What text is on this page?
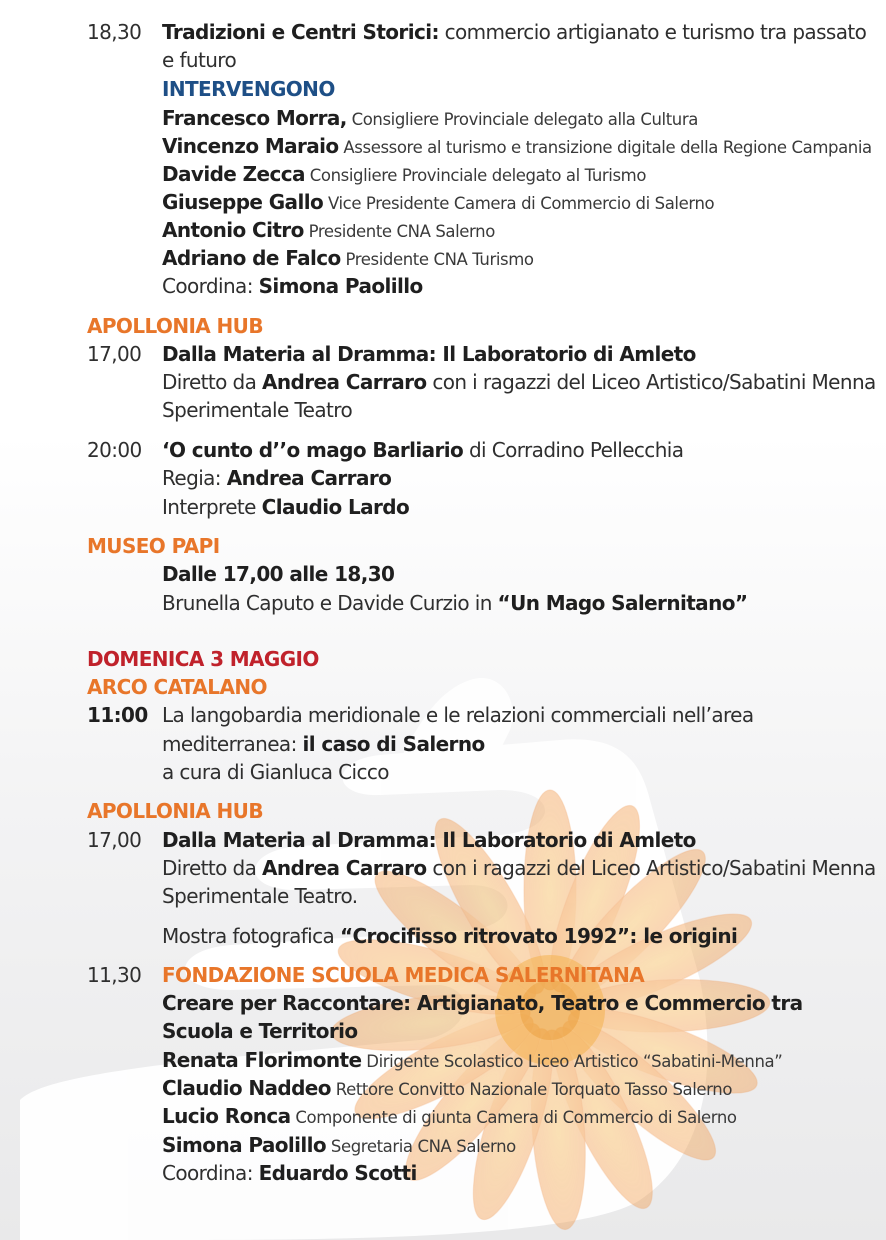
18,30 Tradizioni e Centri Storici: commercio artigianato e turismo tra passato
e futuro
INTERVENGONO
Francesco Morra, Consigliere Provinciale delegato alla Cultura
Vincenzo Maraio Assessore al turismo e transizione digitale della Regione Campania
Davide Zecca Consigliere Provinciale delegato al Turismo
Giuseppe Gallo Vice Presidente Camera di Commercio di Salerno
Antonio Citro Presidente CNA Salerno
Adriano de Falco Presidente CNA Turismo
Coordina: Simona Paolillo
APOLLONIA HUB
17,00 Dalla Materia al Dramma: Il Laboratorio di Amleto
Diretto da Andrea Carraro con i ragazzi del Liceo Artistico/Sabatini Menna
Sperimentale Teatro
20:00 ‘O cunto d’’o mago Barliario di Corradino Pellecchia
Regia: Andrea Carraro
Interprete Claudio Lardo
MUSEO PAPI
Dalle 17,00 alle 18,30
Brunella Caputo e Davide Curzio in “Un Mago Salernitano”
DOMENICA 3 MAGGIO
ARCO CATALANO
11:00 La langobardia meridionale e le relazioni commerciali nell’area
mediterranea: il caso di Salerno
a cura di Gianluca Cicco
APOLLONIA HUB
17,00 Dalla Materia al Dramma: Il Laboratorio di Amleto
Diretto da Andrea Carraro con i ragazzi del Liceo Artistico/Sabatini Menna
Sperimentale Teatro.
Mostra fotografica “Crocifisso ritrovato 1992”: le origini
11,30 FONDAZIONE SCUOLA MEDICA SALERNITANA
Creare per Raccontare: Artigianato, Teatro e Commercio tra
Scuola e Territorio
Renata Florimonte Dirigente Scolastico Liceo Artistico “Sabatini-Menna”
Claudio Naddeo Rettore Convitto Nazionale Torquato Tasso Salerno
Lucio Ronca Componente di giunta Camera di Commercio di Salerno
Simona Paolillo Segretaria CNA Salerno
Coordina: Eduardo Scotti
